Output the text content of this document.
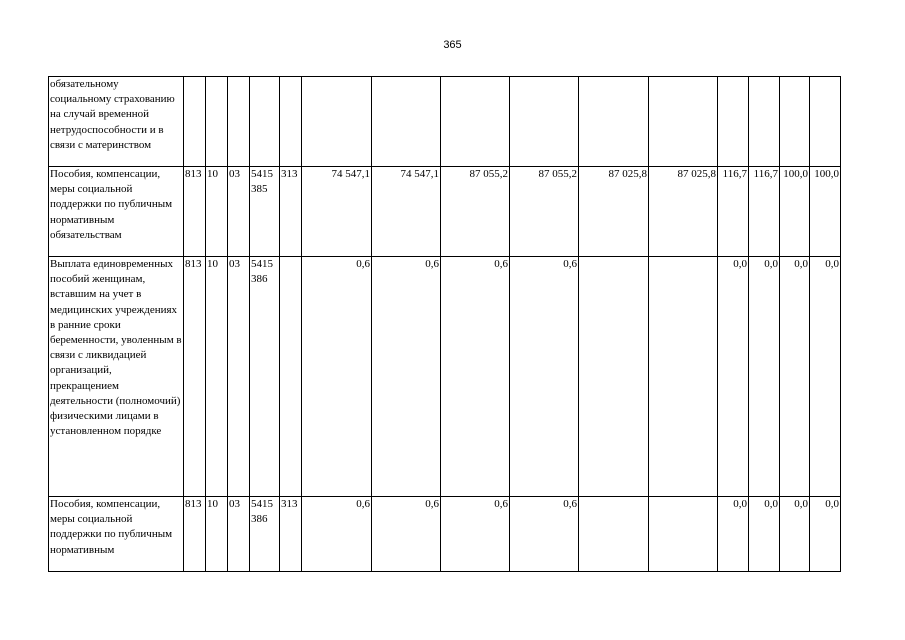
365
обязательному социальному страхованию на случай временной нетрудоспособности и в связи с материнством															
Пособия, компенсации, меры социальной поддержки по публичным нормативным обязательствам	813	10	03	5415 385	313	74 547,1	74 547,1	87 055,2	87 055,2	87 025,8	87 025,8	116,7	116,7	100,0	100,0
Выплата единовременных пособий женщинам, вставшим на учет в медицинских учреждениях в ранние сроки беременности, уволенным в связи с ликвидацией организаций, прекращением деятельности (полномочий) физическими лицами в установленном порядке	813	10	03	5415 386		0,6	0,6	0,6	0,6			0,0	0,0	0,0	0,0
Пособия, компенсации, меры социальной поддержки по публичным нормативным	813	10	03	5415 386	313	0,6	0,6	0,6	0,6			0,0	0,0	0,0	0,0
